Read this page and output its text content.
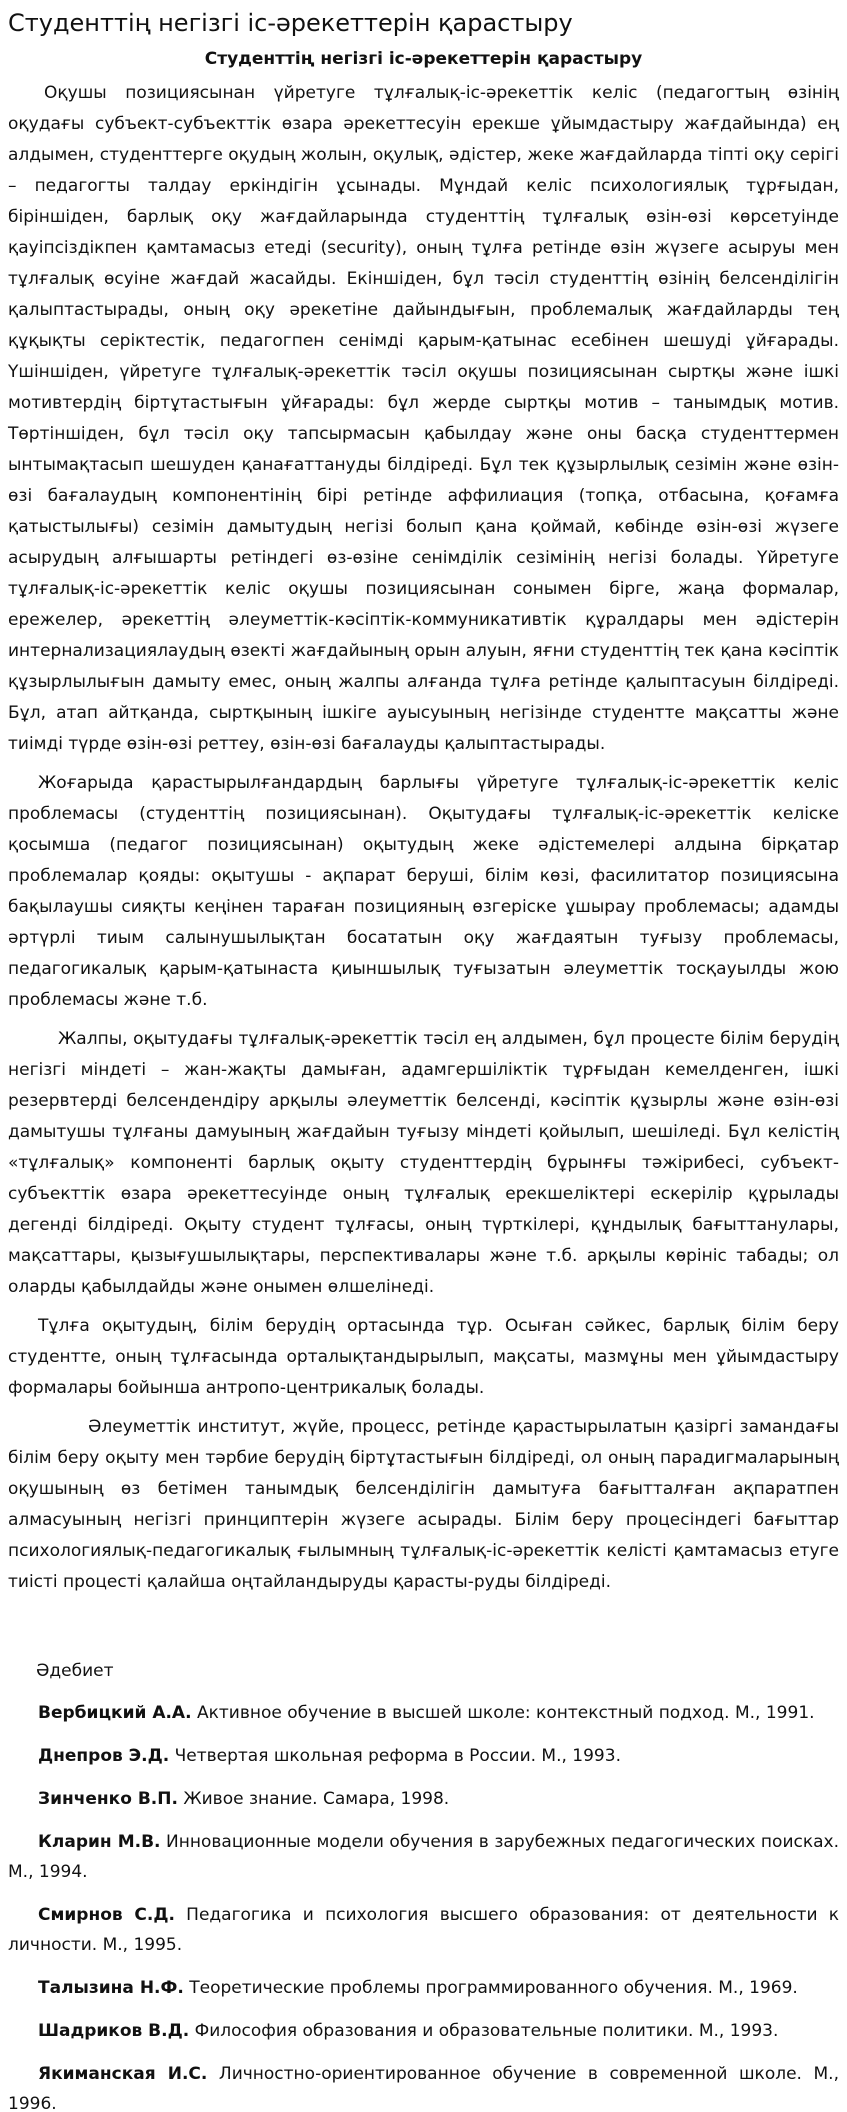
Студенттің негізгі іс-әрекеттерін қарастыру
Студенттің негізгі іс-әрекеттерін қарастыру

Оқушы позициясынан үйретуге тұлғалық-іс-әрекеттік келіс (педагогтың өзінің оқудағы субъект-субъекттік өзара әрекеттесуін ерекше ұйымдастыру жағдайында) ең алдымен, студенттерге оқудың жолын, оқулық, әдістер, жеке жағдайларда тіпті оқу серігі – педагогты талдау еркіндігін ұсынады. Мұндай келіс психологиялық тұрғыдан, біріншіден, барлық оқу жағдайларында студенттің тұлғалық өзін-өзі көрсетуінде қауіпсіздікпен қамтамасыз етеді (security), оның тұлға ретінде өзін жүзеге асыруы мен тұлғалық өсуіне жағдай жасайды. Екіншіден, бұл тәсіл студенттің өзінің белсенділігін қалыптастырады, оның оқу әрекетіне дайындығын, проблемалық жағдайларды тең құқықты серіктестік, педагогпен сенімді қарым-қатынас есебінен шешуді ұйғарады. Үшіншіден, үйретуге тұлғалық-әрекеттік тәсіл оқушы позициясынан сыртқы және ішкі мотивтердің біртұтастығын ұйғарады: бұл жерде сыртқы мотив – танымдық мотив. Төртіншіден, бұл тәсіл оқу тапсырмасын қабылдау және оны басқа студенттермен ынтымақтасып шешуден қанағаттануды білдіреді. Бұл тек құзырлылық сезімін және өзін-өзі бағалаудың компонентінің бірі ретінде аффилиация (топқа, отбасына, қоғамға қатыстылығы) сезімін дамытудың негізі болып қана қоймай, көбінде өзін-өзі жүзеге асырудың алғышарты ретіндегі өз-өзіне сенімділік сезімінің негізі болады. Үйретуге тұлғалық-іс-әрекеттік келіс оқушы позициясынан сонымен бірге, жаңа формалар, ережелер, әрекеттің әлеуметтік-кәсіптік-коммуникативтік құралдары мен әдістерін интернализациялаудың өзекті жағдайының орын алуын, яғни студенттің тек қана кәсіптік құзырлылығын дамыту емес, оның жалпы алғанда тұлға ретінде қалыптасуын білдіреді. Бұл, атап айтқанда, сыртқының ішкіге ауысуының негізінде студентте мақсатты және тиімді түрде өзін-өзі реттеу, өзін-өзі бағалауды қалыптастырады.

Жоғарыда қарастырылғандардың барлығы үйретуге тұлғалық-іс-әрекеттік келіс проблемасы (студенттің позициясынан). Оқытудағы тұлғалық-іс-әрекеттік келіске қосымша (педагог позициясынан) оқытудың жеке әдістемелері алдына бірқатар проблемалар қояды: оқытушы - ақпарат беруші, білім көзі, фасилитатор позициясына бақылаушы сияқты кеңінен тараған позицияның өзгеріске ұшырау проблемасы; адамды әртүрлі тиым салынушылықтан босататын оқу жағдаятын туғызу проблемасы, педагогикалық қарым-қатынаста қиыншылық туғызатын әлеуметтік тосқауылды жою проблемасы және т.б.

Жалпы, оқытудағы тұлғалық-әрекеттік тәсіл ең алдымен, бұл процесте білім берудің негізгі міндеті – жан-жақты дамыған, адамгершіліктік тұрғыдан кемелденген, ішкі резервтерді белсендендіру арқылы әлеуметтік белсенді, кәсіптік құзырлы және өзін-өзі дамытушы тұлғаны дамуының жағдайын туғызу міндеті қойылып, шешіледі. Бұл келістің «тұлғалық» компоненті барлық оқыту студенттердің бұрынғы тәжірибесі, субъект-субъекттік өзара әрекеттесуінде оның тұлғалық ерекшеліктері ескерілір құрылады дегенді білдіреді. Оқыту студент тұлғасы, оның түрткілері, құндылық бағыттанулары, мақсаттары, қызығушылықтары, перспективалары және т.б. арқылы көрініс табады; ол оларды қабылдайды және онымен өлшелінеді.

Тұлға оқытудың, білім берудің ортасында тұр. Осыған сәйкес, барлық білім беру студентте, оның тұлғасында орталықтандырылып, мақсаты, мазмұны мен ұйымдастыру формалары бойынша антропо-центрикалық болады.

Әлеуметтік институт, жүйе, процесс, ретінде қарастырылатын қазіргі замандағы білім беру оқыту мен тәрбие берудің біртұтастығын білдіреді, ол оның парадигмаларының оқушының өз бетімен танымдық белсенділігін дамытуға бағытталған ақпаратпен алмасуының негізгі принциптерін жүзеге асырады. Білім беру процесіндегі бағыттар психологиялық-педагогикалық ғылымның тұлғалық-іс-әрекеттік келісті қамтамасыз етуге тиісті процесті қалайша оңтайландыруды қарасты-руды білдіреді.

Әдебиет
Вербицкий А.А. Активное обучение в высшей школе: контекстный подход. М., 1991.
Днепров Э.Д. Четвертая школьная реформа в России. М., 1993.
Зинченко В.П. Живое знание. Самара, 1998.
Кларин М.В. Инновационные модели обучения в зарубежных педагогических поисках. М., 1994.
Смирнов С.Д. Педагогика и психология высшего образования: от деятельности к личности. М., 1995.
Талызина Н.Ф. Теоретические проблемы программированного обучения. М., 1969.
Шадриков В.Д. Философия образования и образовательные политики. М., 1993.
Якиманская И.С. Личностно-ориентированное обучение в современной школе. М., 1996.
